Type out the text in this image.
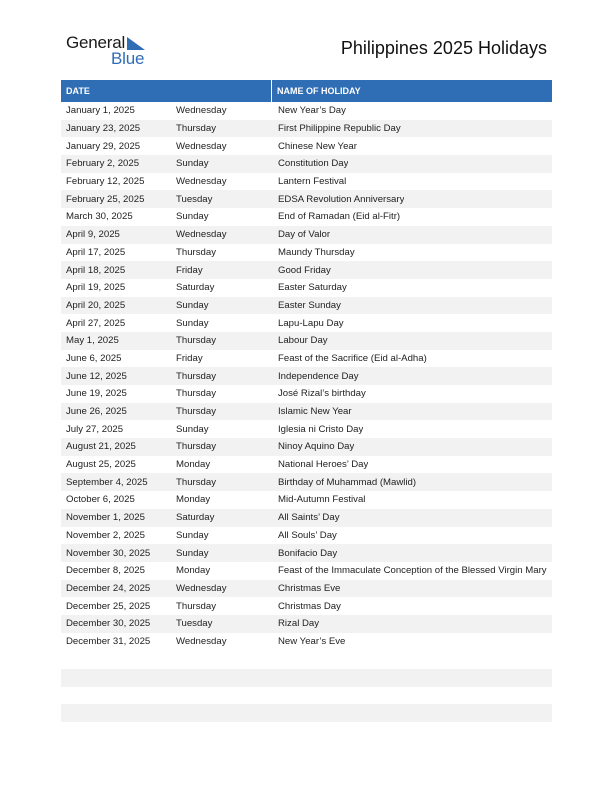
General
Blue
Philippines 2025 Holidays
DATE	NAME OF HOLIDAY
January 1, 2025	Wednesday	New Year’s Day
January 23, 2025	Thursday	First Philippine Republic Day
January 29, 2025	Wednesday	Chinese New Year
February 2, 2025	Sunday	Constitution Day
February 12, 2025	Wednesday	Lantern Festival
February 25, 2025	Tuesday	EDSA Revolution Anniversary
March 30, 2025	Sunday	End of Ramadan (Eid al-Fitr)
April 9, 2025	Wednesday	Day of Valor
April 17, 2025	Thursday	Maundy Thursday
April 18, 2025	Friday	Good Friday
April 19, 2025	Saturday	Easter Saturday
April 20, 2025	Sunday	Easter Sunday
April 27, 2025	Sunday	Lapu-Lapu Day
May 1, 2025	Thursday	Labour Day
June 6, 2025	Friday	Feast of the Sacrifice (Eid al-Adha)
June 12, 2025	Thursday	Independence Day
June 19, 2025	Thursday	José Rizal’s birthday
June 26, 2025	Thursday	Islamic New Year
July 27, 2025	Sunday	Iglesia ni Cristo Day
August 21, 2025	Thursday	Ninoy Aquino Day
August 25, 2025	Monday	National Heroes’ Day
September 4, 2025	Thursday	Birthday of Muhammad (Mawlid)
October 6, 2025	Monday	Mid-Autumn Festival
November 1, 2025	Saturday	All Saints’ Day
November 2, 2025	Sunday	All Souls’ Day
November 30, 2025	Sunday	Bonifacio Day
December 8, 2025	Monday	Feast of the Immaculate Conception of the Blessed Virgin Mary
December 24, 2025	Wednesday	Christmas Eve
December 25, 2025	Thursday	Christmas Day
December 30, 2025	Tuesday	Rizal Day
December 31, 2025	Wednesday	New Year’s Eve
